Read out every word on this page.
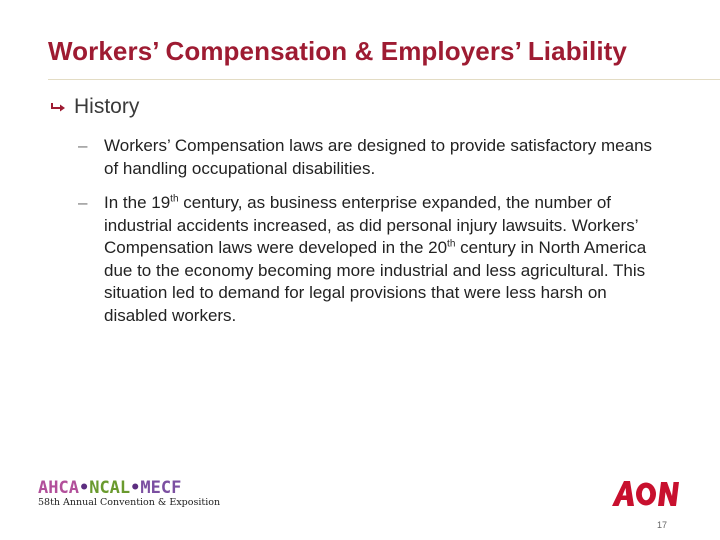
Workers’ Compensation & Employers’ Liability
History
– Workers’ Compensation laws are designed to provide satisfactory means of handling occupational disabilities.
– In the 19th century, as business enterprise expanded, the number of industrial accidents increased, as did personal injury lawsuits. Workers’ Compensation laws were developed in the 20th century in North America due to the economy becoming more industrial and less agricultural. This situation led to demand for legal provisions that were less harsh on disabled workers.
AHCA•NCAL•MECF
58th Annual Convention & Exposition
17
